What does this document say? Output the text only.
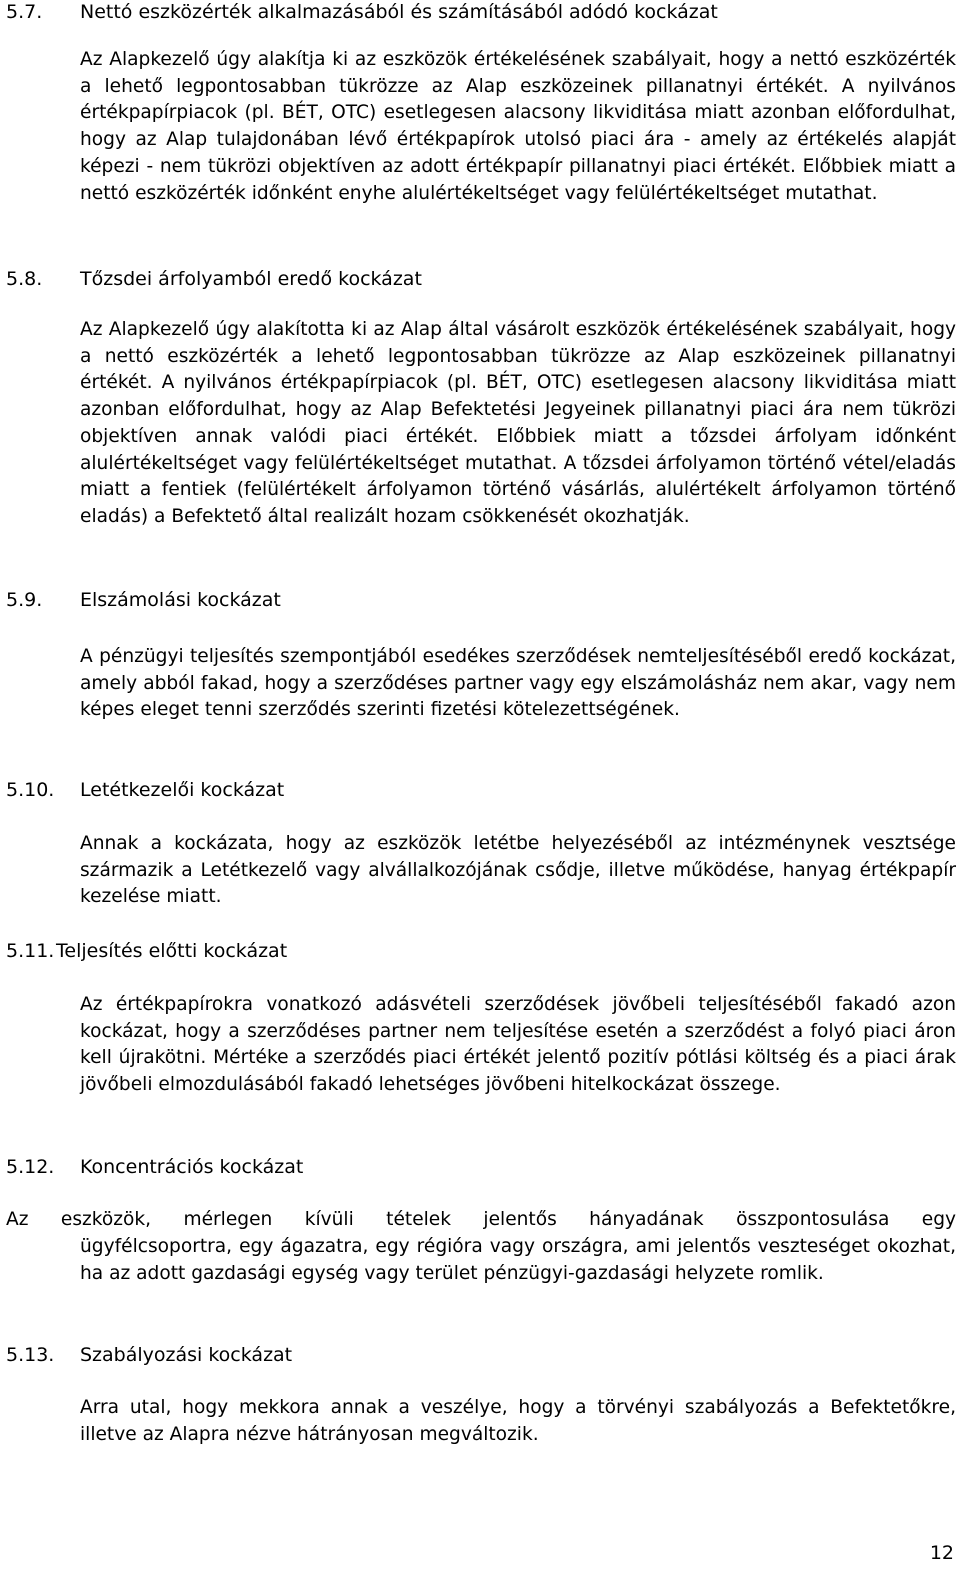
5.7. Nettó eszközérték alkalmazásából és számításából adódó kockázat

Az Alapkezelő úgy alakítja ki az eszközök értékelésének szabályait, hogy a nettó eszközérték a lehető legpontosabban tükrözze az Alap eszközeinek pillanatnyi értékét. A nyilvános értékpapírpiacok (pl. BÉT, OTC) esetlegesen alacsony likviditása miatt azonban előfordulhat, hogy az Alap tulajdonában lévő értékpapírok utolsó piaci ára - amely az értékelés alapját képezi - nem tükrözi objektíven az adott értékpapír pillanatnyi piaci értékét. Előbbiek miatt a nettó eszközérték időnként enyhe alulértékeltséget vagy felülértékeltséget mutathat.

5.8. Tőzsdei árfolyamból eredő kockázat

Az Alapkezelő úgy alakította ki az Alap által vásárolt eszközök értékelésének szabályait, hogy a nettó eszközérték a lehető legpontosabban tükrözze az Alap eszközeinek pillanatnyi értékét. A nyilvános értékpapírpiacok (pl. BÉT, OTC) esetlegesen alacsony likviditása miatt azonban előfordulhat, hogy az Alap Befektetési Jegyeinek pillanatnyi piaci ára nem tükrözi objektíven annak valódi piaci értékét. Előbbiek miatt a tőzsdei árfolyam időnként alulértékeltséget vagy felülértékeltséget mutathat. A tőzsdei árfolyamon történő vétel/eladás miatt a fentiek (felülértékelt árfolyamon történő vásárlás, alulértékelt árfolyamon történő eladás) a Befektető által realizált hozam csökkenését okozhatják.

5.9. Elszámolási kockázat

A pénzügyi teljesítés szempontjából esedékes szerződések nemteljesítéséből eredő kockázat, amely abból fakad, hogy a szerződéses partner vagy egy elszámolásház nem akar, vagy nem képes eleget tenni szerződés szerinti fizetési kötelezettségének.

5.10. Letétkezelői kockázat

Annak a kockázata, hogy az eszközök letétbe helyezéséből az intézménynek vesztsége származik a Letétkezelő vagy alvállalkozójának csődje, illetve működése, hanyag értékpapír kezelése miatt.

5.11. Teljesítés előtti kockázat

Az értékpapírokra vonatkozó adásvételi szerződések jövőbeli teljesítéséből fakadó azon kockázat, hogy a szerződéses partner nem teljesítése esetén a szerződést a folyó piaci áron kell újrakötni. Mértéke a szerződés piaci értékét jelentő pozitív pótlási költség és a piaci árak jövőbeli elmozdulásából fakadó lehetséges jövőbeni hitelkockázat összege.

5.12. Koncentrációs kockázat

Az eszközök, mérlegen kívüli tételek jelentős hányadának összpontosulása egy

ügyfélcsoportra, egy ágazatra, egy régióra vagy országra, ami jelentős veszteséget okozhat, ha az adott gazdasági egység vagy terület pénzügyi-gazdasági helyzete romlik.

5.13. Szabályozási kockázat

Arra utal, hogy mekkora annak a veszélye, hogy a törvényi szabályozás a Befektetőkre, illetve az Alapra nézve hátrányosan megváltozik.

12
